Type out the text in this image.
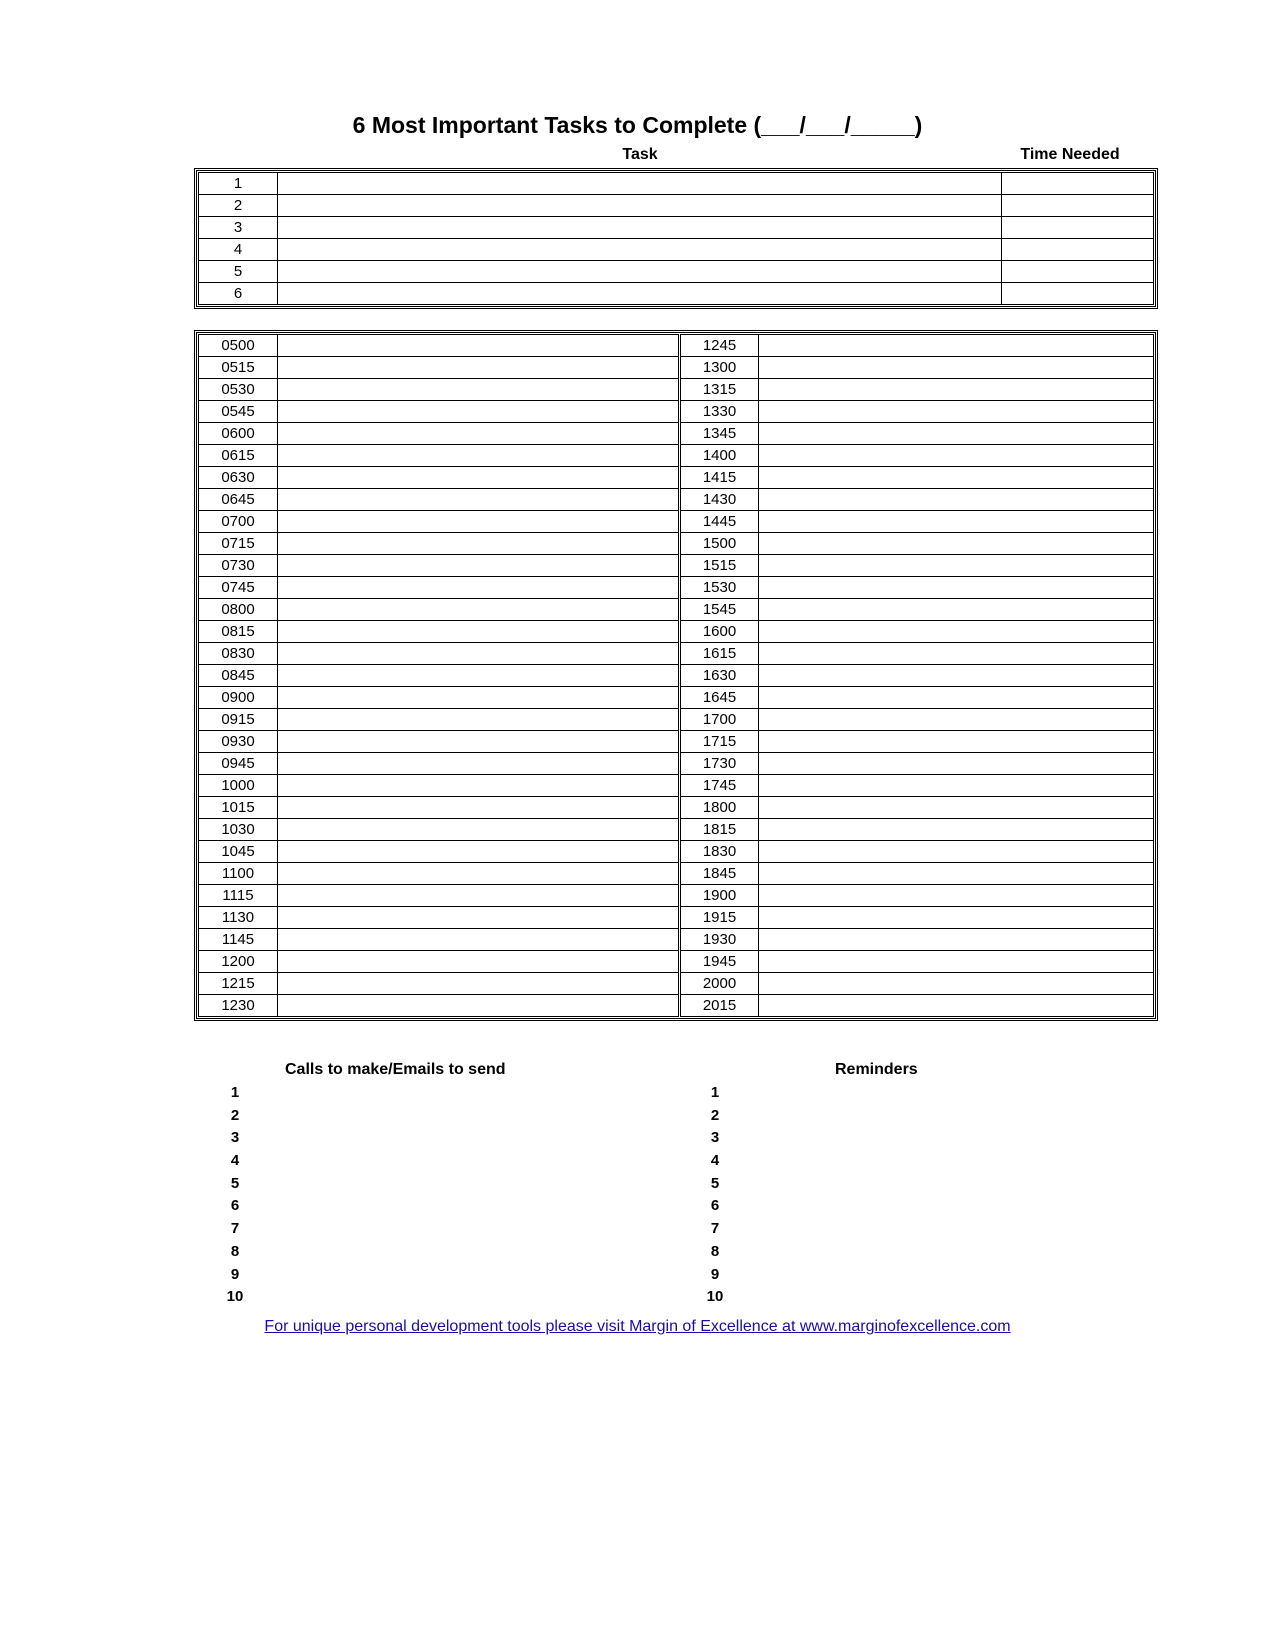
6 Most Important Tasks to Complete (___/___/_____)
Task	Time Needed
1		
2		
3		
4		
5		
6		
0500		1245	
0515		1300	
0530		1315	
0545		1330	
0600		1345	
0615		1400	
0630		1415	
0645		1430	
0700		1445	
0715		1500	
0730		1515	
0745		1530	
0800		1545	
0815		1600	
0830		1615	
0845		1630	
0900		1645	
0915		1700	
0930		1715	
0945		1730	
1000		1745	
1015		1800	
1030		1815	
1045		1830	
1100		1845	
1115		1900	
1130		1915	
1145		1930	
1200		1945	
1215		2000	
1230		2015	
Calls to make/Emails to send
1
2
3
4
5
6
7
8
9
10
Reminders
1
2
3
4
5
6
7
8
9
10
For unique personal development tools please visit Margin of Excellence at www.marginofexcellence.com
